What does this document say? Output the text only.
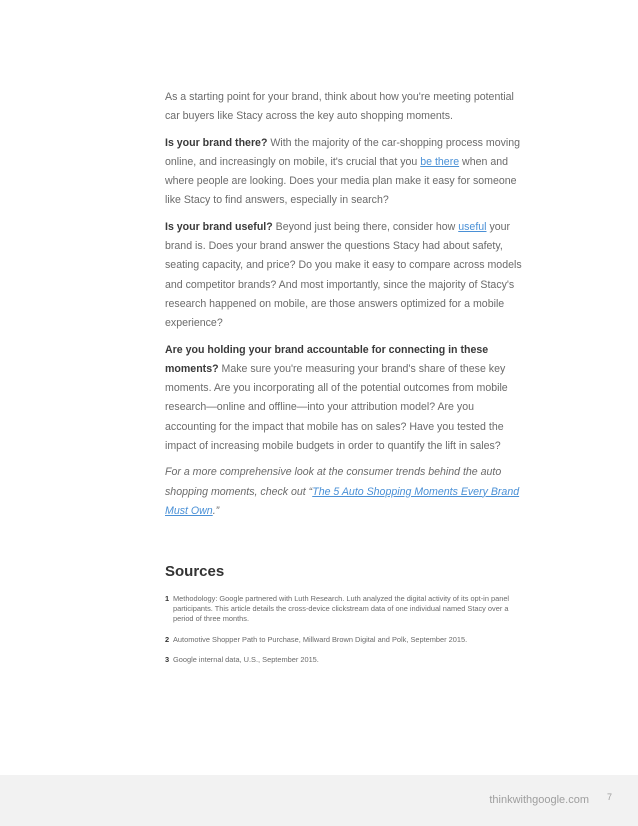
As a starting point for your brand, think about how you're meeting potential car buyers like Stacy across the key auto shopping moments.

Is your brand there? With the majority of the car-shopping process moving online, and increasingly on mobile, it's crucial that you be there when and where people are looking. Does your media plan make it easy for someone like Stacy to find answers, especially in search?

Is your brand useful? Beyond just being there, consider how useful your brand is. Does your brand answer the questions Stacy had about safety, seating capacity, and price? Do you make it easy to compare across models and competitor brands? And most importantly, since the majority of Stacy's research happened on mobile, are those answers optimized for a mobile experience?

Are you holding your brand accountable for connecting in these moments? Make sure you're measuring your brand's share of these key moments. Are you incorporating all of the potential outcomes from mobile research—online and offline—into your attribution model? Are you accounting for the impact that mobile has on sales? Have you tested the impact of increasing mobile budgets in order to quantify the lift in sales?

For a more comprehensive look at the consumer trends behind the auto shopping moments, check out “The 5 Auto Shopping Moments Every Brand Must Own.”

Sources
1 Methodology: Google partnered with Luth Research. Luth analyzed the digital activity of its opt-in panel participants. This article details the cross-device clickstream data of one individual named Stacy over a period of three months.
2 Automotive Shopper Path to Purchase, Millward Brown Digital and Polk, September 2015.
3 Google internal data, U.S., September 2015.
thinkwithgoogle.com 7
